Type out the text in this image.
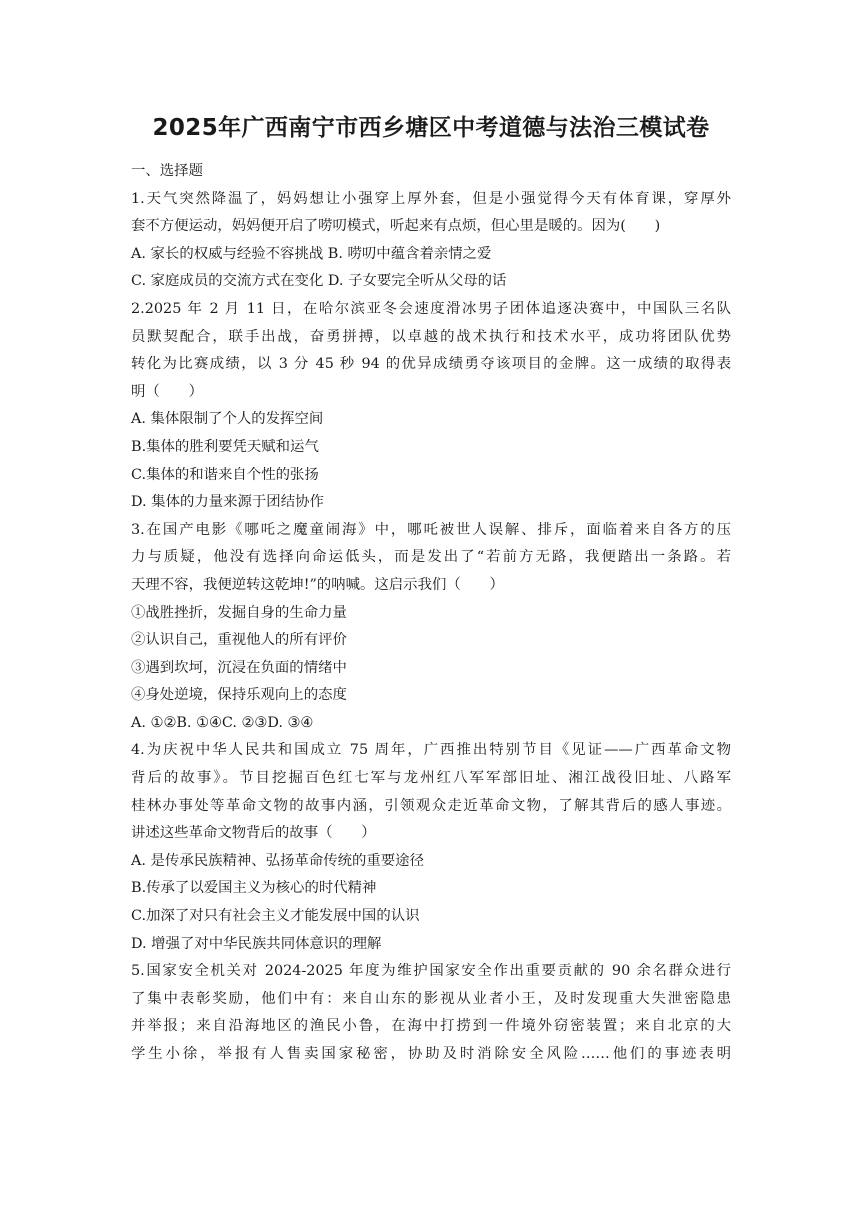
2025年广西南宁市西乡塘区中考道德与法治三模试卷

一、选择题

1.天气突然降温了，妈妈想让小强穿上厚外套，但是小强觉得今天有体育课，穿厚外

套不方便运动，妈妈便开启了唠叨模式，听起来有点烦，但心里是暖的。因为(　　)

A. 家长的权威与经验不容挑战 B. 唠叨中蕴含着亲情之爱

C. 家庭成员的交流方式在变化 D. 子女要完全听从父母的话

2.2025 年 2 月 11 日，在哈尔滨亚冬会速度滑冰男子团体追逐决赛中，中国队三名队

员默契配合，联手出战，奋勇拼搏，以卓越的战术执行和技术水平，成功将团队优势

转化为比赛成绩，以 3 分 45 秒 94 的优异成绩勇夺该项目的金牌。这一成绩的取得表

明（　　）

A. 集体限制了个人的发挥空间

B.集体的胜利要凭天赋和运气

C.集体的和谐来自个性的张扬

D. 集体的力量来源于团结协作

3.在国产电影《哪吒之魔童闹海》中，哪吒被世人误解、排斥，面临着来自各方的压

力与质疑，他没有选择向命运低头，而是发出了“若前方无路，我便踏出一条路。若

天理不容，我便逆转这乾坤!”的呐喊。这启示我们（　　）

①战胜挫折，发掘自身的生命力量

②认识自己，重视他人的所有评价

③遇到坎坷，沉浸在负面的情绪中

④身处逆境，保持乐观向上的态度

A. ①②B. ①④C. ②③D. ③④

4.为庆祝中华人民共和国成立 75 周年，广西推出特别节目《见证——广西革命文物

背后的故事》。节目挖掘百色红七军与龙州红八军军部旧址、湘江战役旧址、八路军

桂林办事处等革命文物的故事内涵，引领观众走近革命文物，了解其背后的感人事迹。

讲述这些革命文物背后的故事（　　）

A. 是传承民族精神、弘扬革命传统的重要途径

B.传承了以爱国主义为核心的时代精神

C.加深了对只有社会主义才能发展中国的认识

D. 增强了对中华民族共同体意识的理解

5.国家安全机关对 2024-2025 年度为维护国家安全作出重要贡献的 90 余名群众进行

了集中表彰奖励，他们中有：来自山东的影视从业者小王，及时发现重大失泄密隐患

并举报；来自沿海地区的渔民小鲁，在海中打捞到一件境外窃密装置；来自北京的大

学生小徐，举报有人售卖国家秘密，协助及时消除安全风险……他们的事迹表明
